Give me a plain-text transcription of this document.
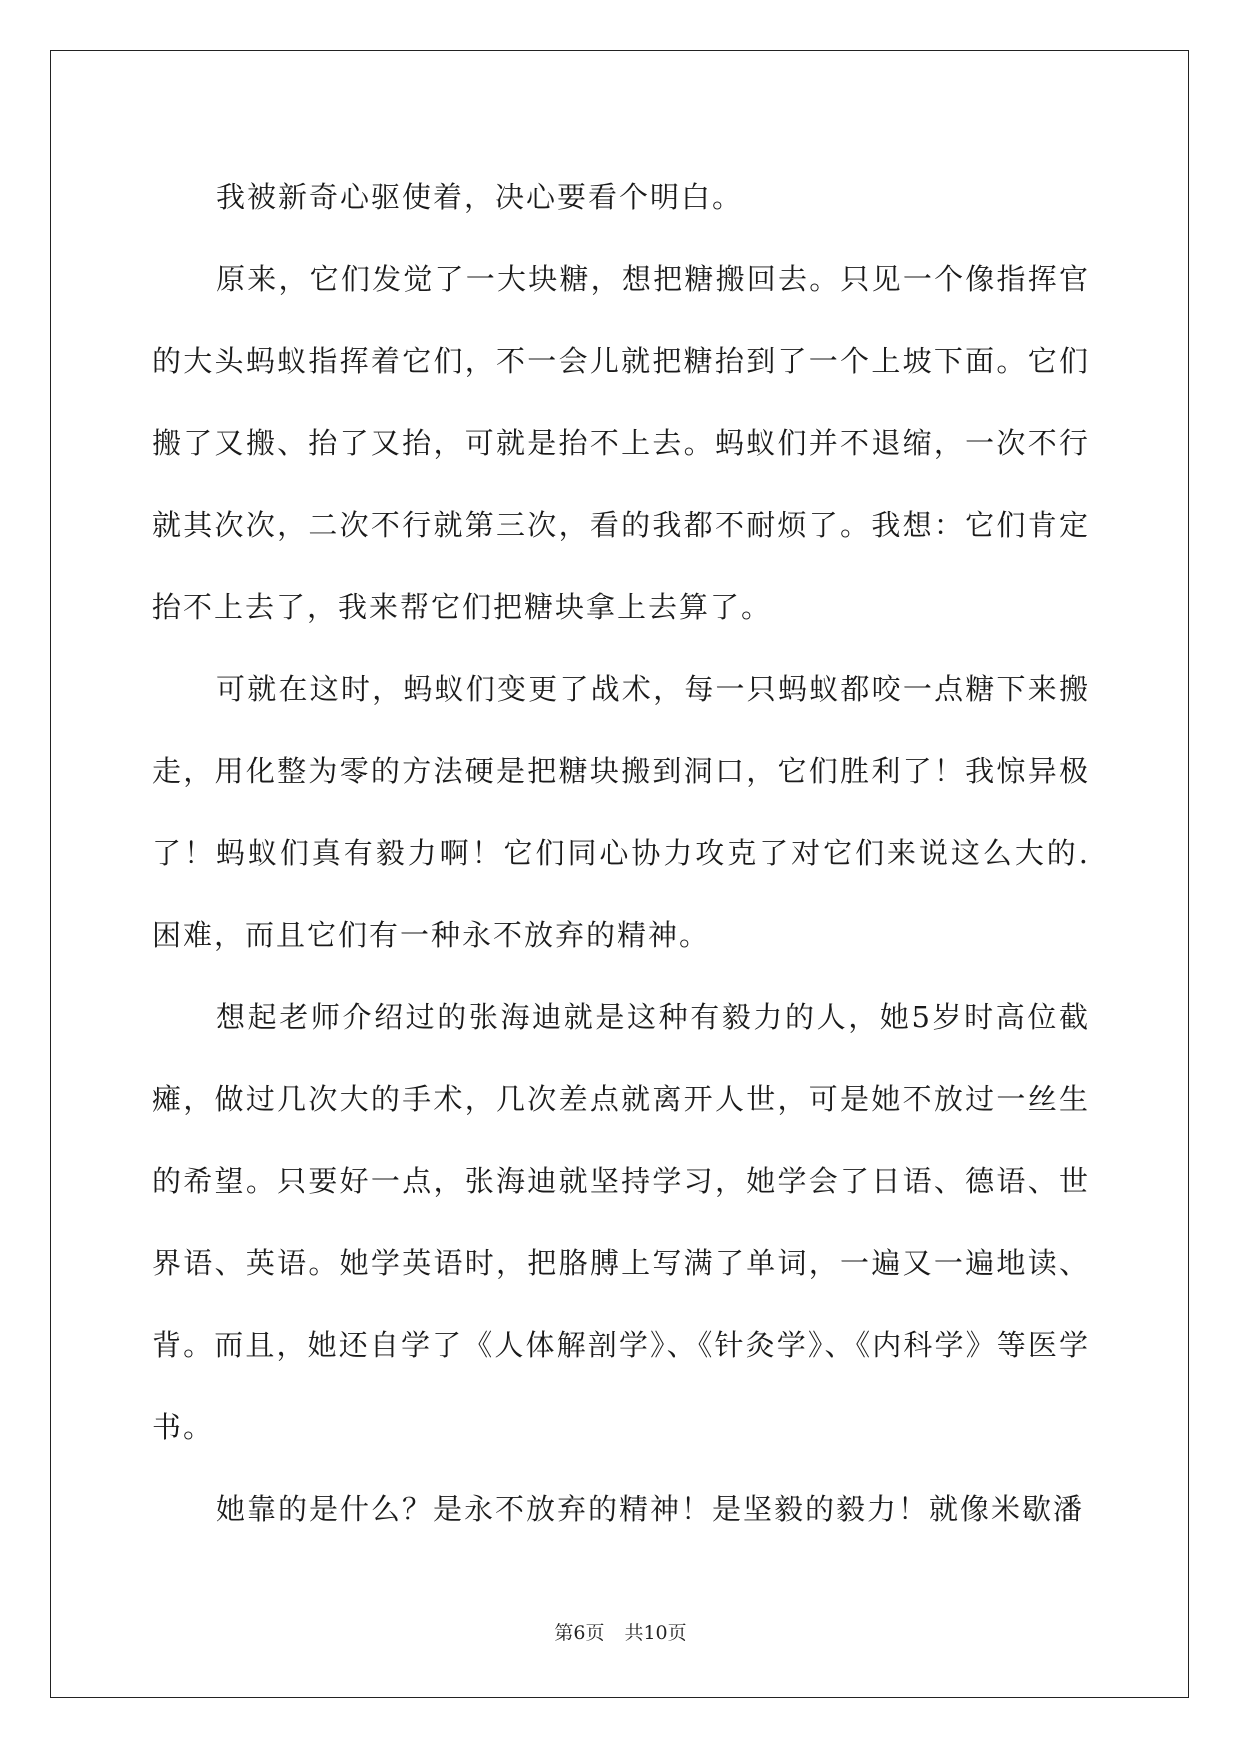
我被新奇心驱使着，决心要看个明白。

原来，它们发觉了一大块糖，想把糖搬回去。只见一个像指挥官的大头蚂蚁指挥着它们，不一会儿就把糖抬到了一个上坡下面。它们搬了又搬、抬了又抬，可就是抬不上去。蚂蚁们并不退缩，一次不行就其次次，二次不行就第三次，看的我都不耐烦了。我想：它们肯定抬不上去了，我来帮它们把糖块拿上去算了。

可就在这时，蚂蚁们变更了战术，每一只蚂蚁都咬一点糖下来搬走，用化整为零的方法硬是把糖块搬到洞口，它们胜利了！我惊异极了！蚂蚁们真有毅力啊！它们同心协力攻克了对它们来说这么大的.困难，而且它们有一种永不放弃的精神。

想起老师介绍过的张海迪就是这种有毅力的人，她5岁时高位截瘫，做过几次大的手术，几次差点就离开人世，可是她不放过一丝生的希望。只要好一点，张海迪就坚持学习，她学会了日语、德语、世界语、英语。她学英语时，把胳膊上写满了单词，一遍又一遍地读、背。而且，她还自学了《人体解剖学》、《针灸学》、《内科学》等医学书。

她靠的是什么？是永不放弃的精神！是坚毅的毅力！就像米歇潘

第6页 共10页
